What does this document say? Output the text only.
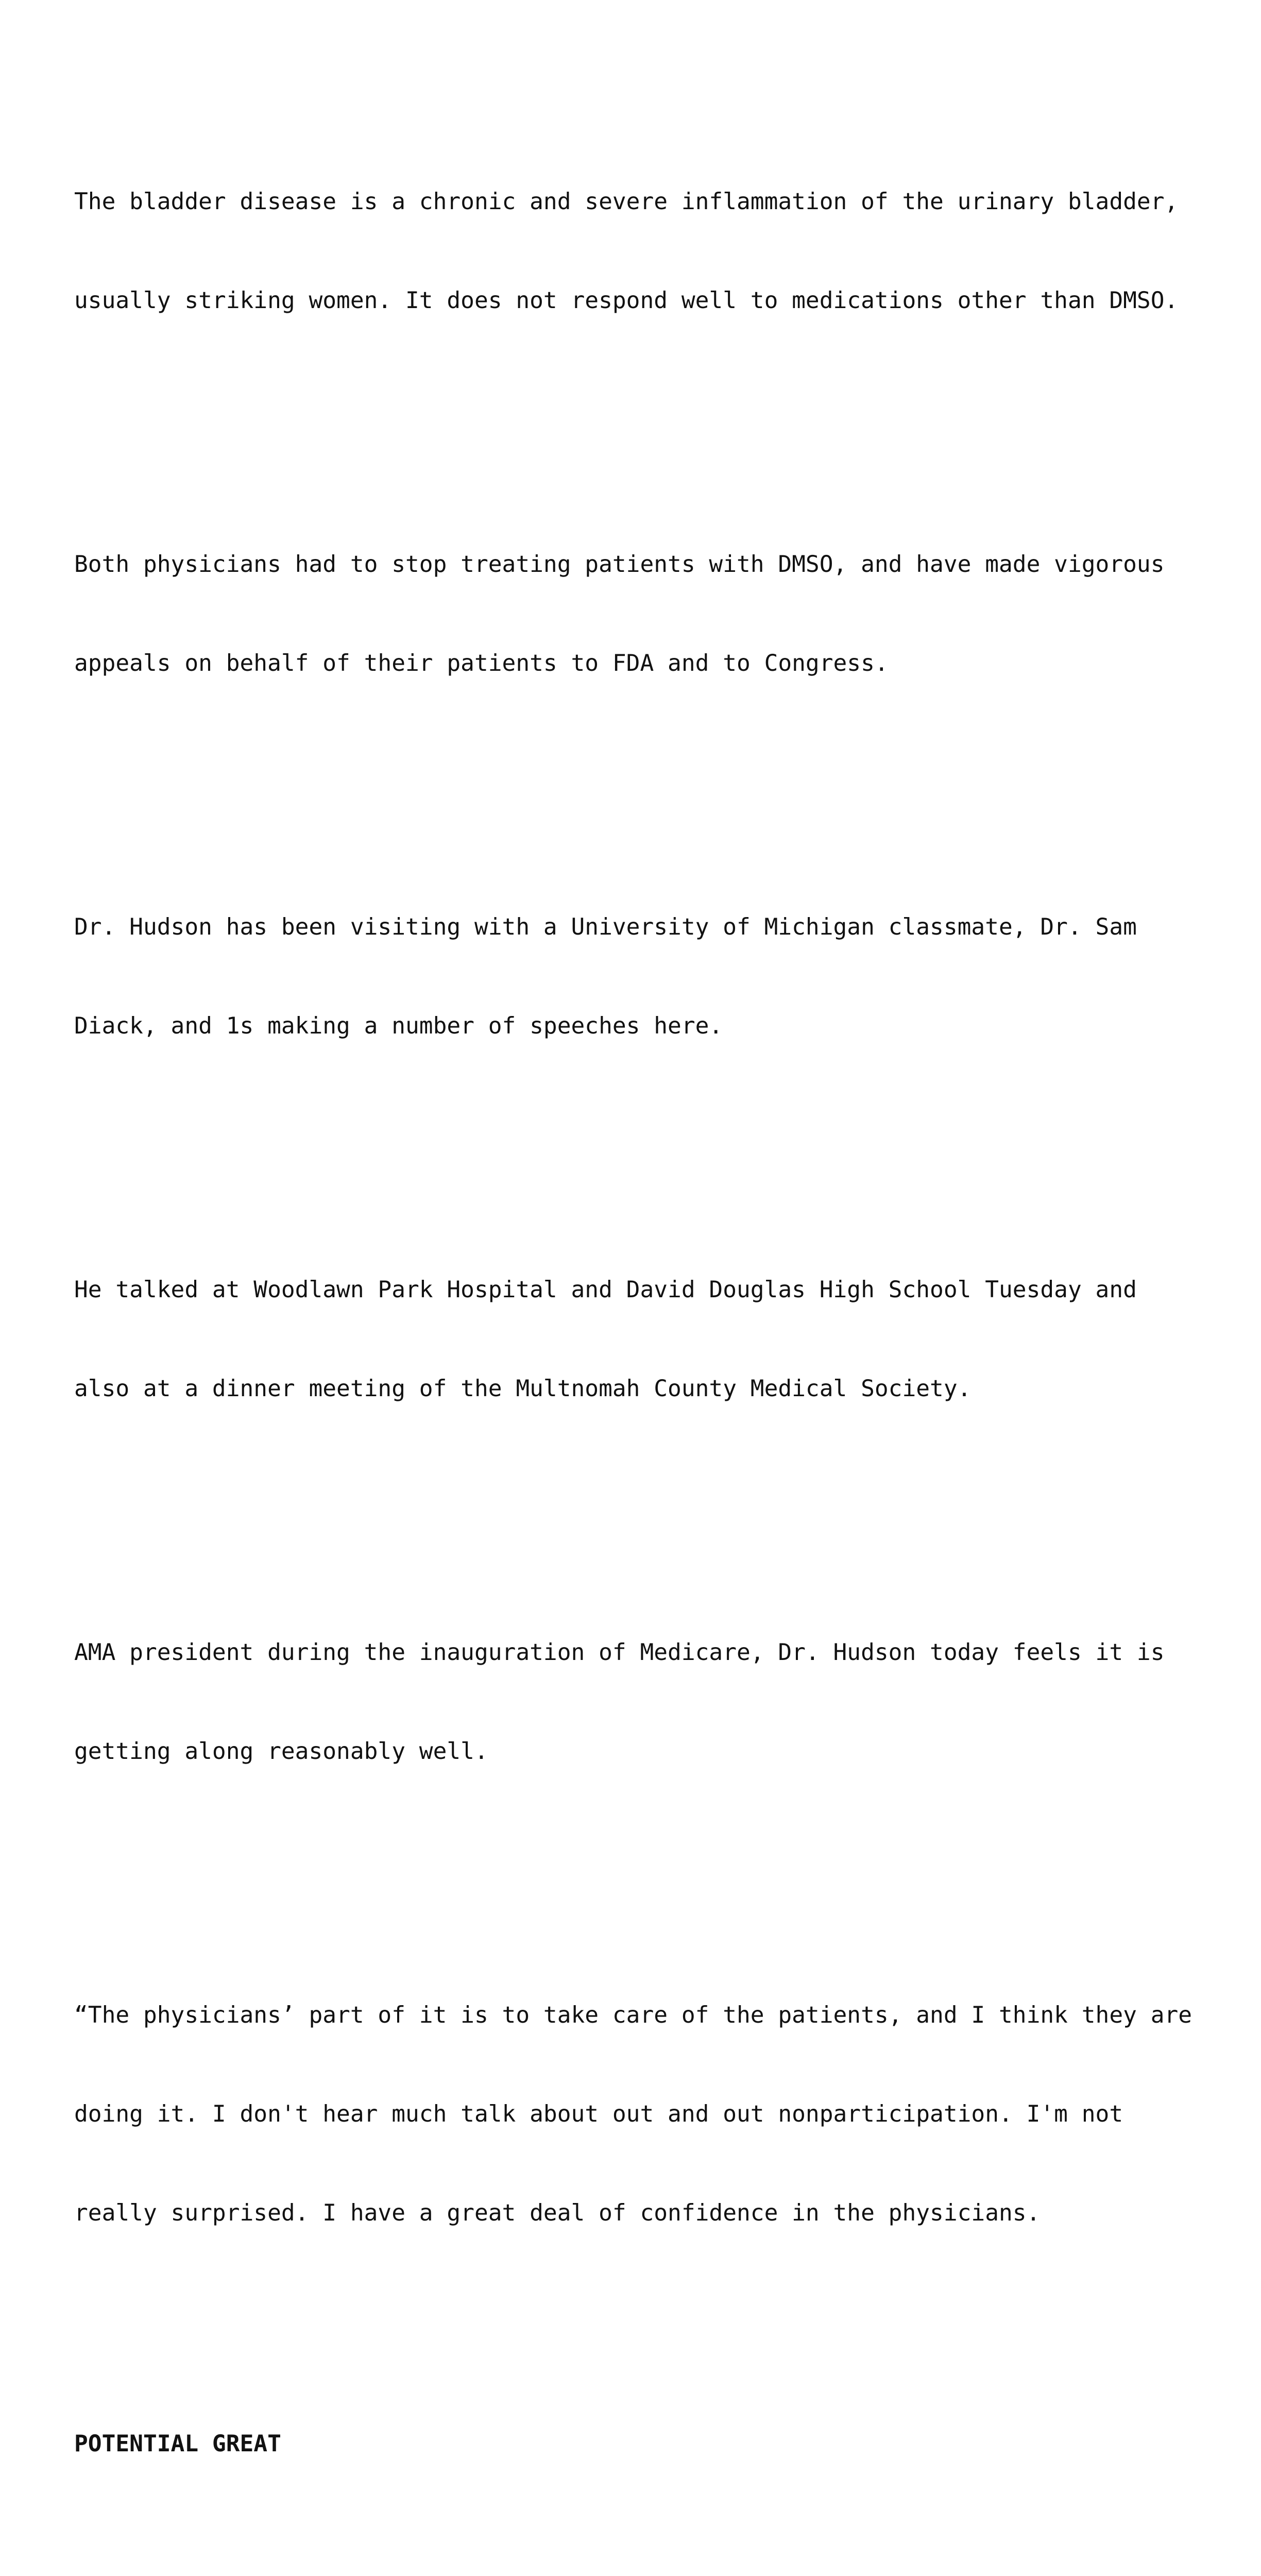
The bladder disease is a chronic and severe inflammation of the urinary bladder,

usually striking women. It does not respond well to medications other than DMSO.

Both physicians had to stop treating patients with DMSO, and have made vigorous

appeals on behalf of their patients to FDA and to Congress.

Dr. Hudson has been visiting with a University of Michigan classmate, Dr. Sam

Diack, and 1s making a number of speeches here.

He talked at Woodlawn Park Hospital and David Douglas High School Tuesday and

also at a dinner meeting of the Multnomah County Medical Society.

AMA president during the inauguration of Medicare, Dr. Hudson today feels it is

getting along reasonably well.

“The physicians’ part of it is to take care of the patients, and I think they are

doing it. I don't hear much talk about out and out nonparticipation. I'm not

really surprised. I have a great deal of confidence in the physicians.

POTENTIAL GREAT
